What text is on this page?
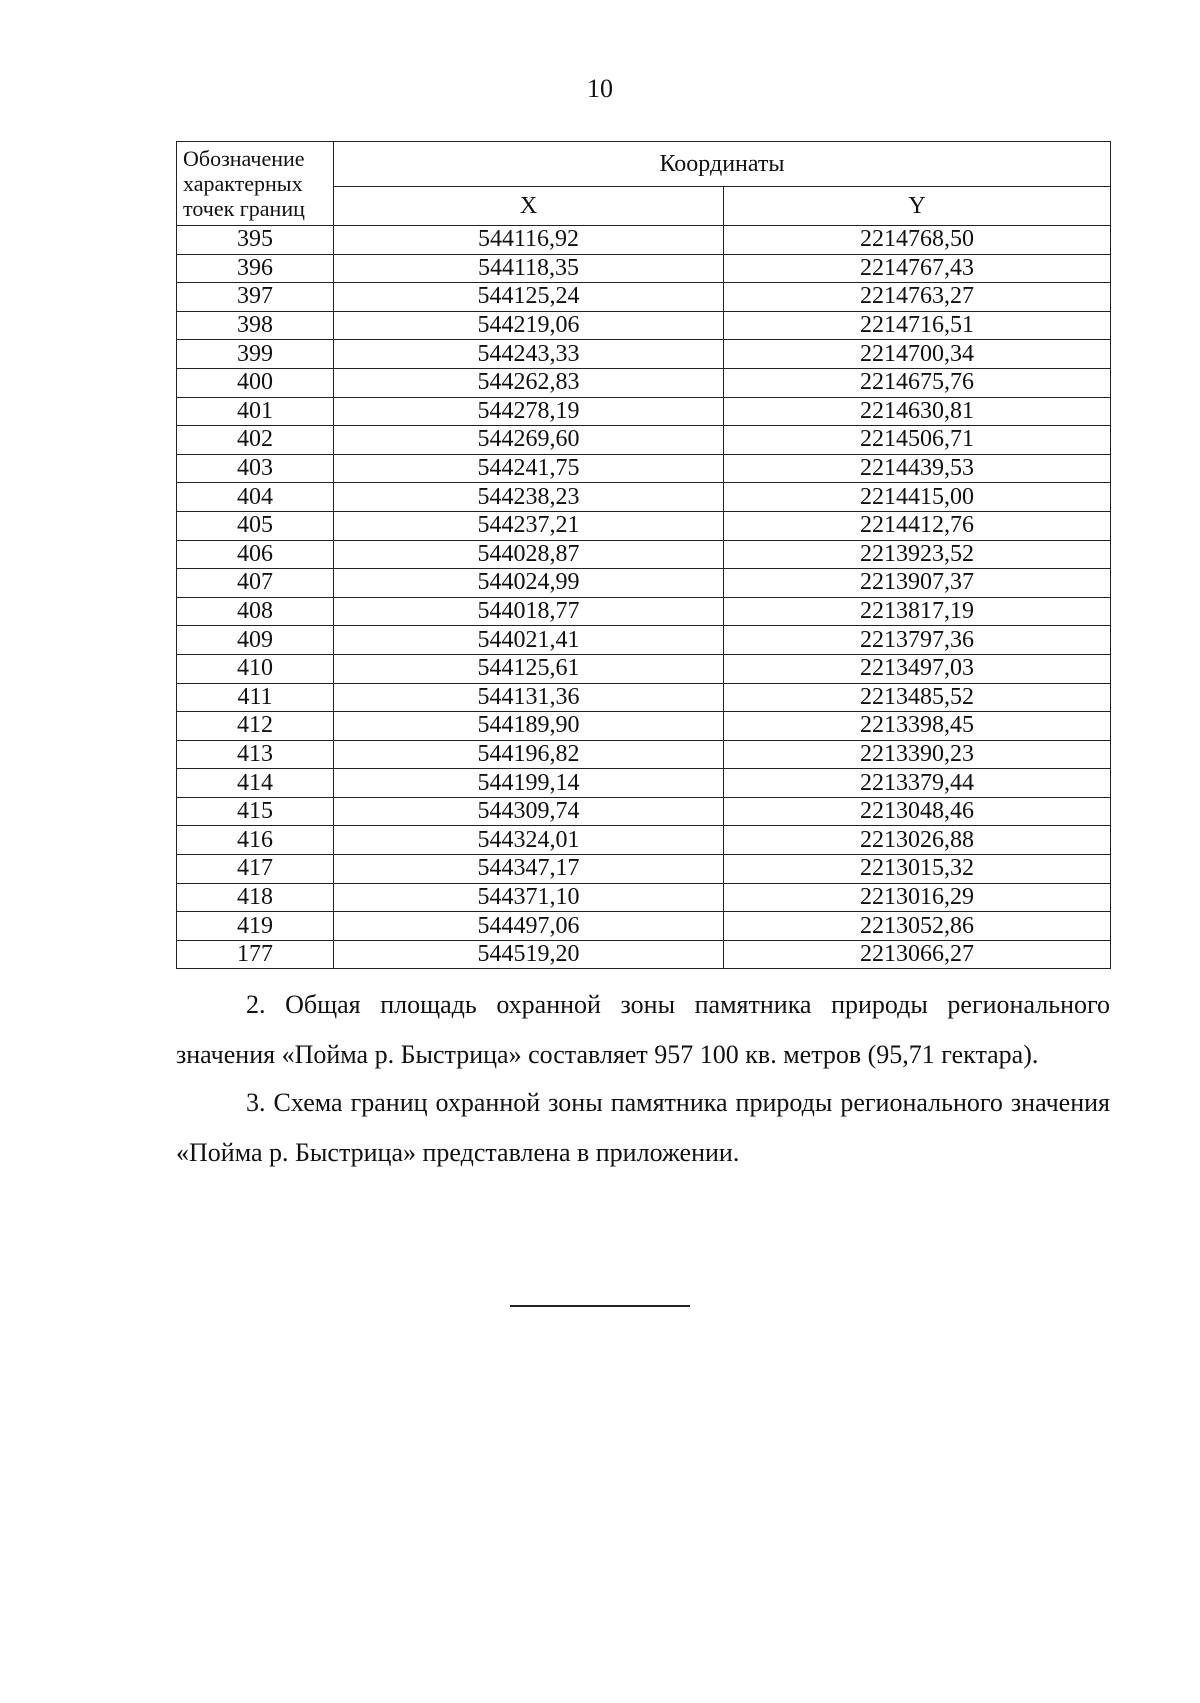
10
Обозначение характерных точек границ	Координаты	
	X	Y
395	544116,92	2214768,50
396	544118,35	2214767,43
397	544125,24	2214763,27
398	544219,06	2214716,51
399	544243,33	2214700,34
400	544262,83	2214675,76
401	544278,19	2214630,81
402	544269,60	2214506,71
403	544241,75	2214439,53
404	544238,23	2214415,00
405	544237,21	2214412,76
406	544028,87	2213923,52
407	544024,99	2213907,37
408	544018,77	2213817,19
409	544021,41	2213797,36
410	544125,61	2213497,03
411	544131,36	2213485,52
412	544189,90	2213398,45
413	544196,82	2213390,23
414	544199,14	2213379,44
415	544309,74	2213048,46
416	544324,01	2213026,88
417	544347,17	2213015,32
418	544371,10	2213016,29
419	544497,06	2213052,86
177	544519,20	2213066,27

2. Общая площадь охранной зоны памятника природы регионального значения «Пойма р. Быстрица» составляет 957 100 кв. метров (95,71 гектара).

3. Схема границ охранной зоны памятника природы регионального значения «Пойма р. Быстрица» представлена в приложении.
